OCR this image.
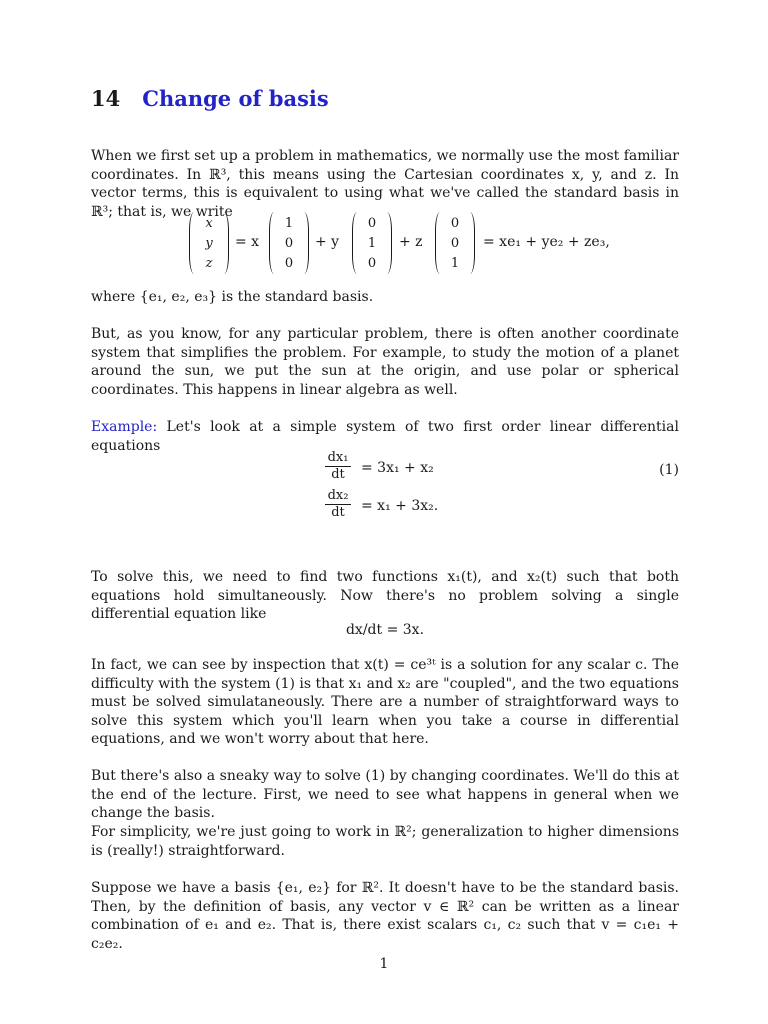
14 Change of basis

When we first set up a problem in mathematics, we normally use the most familiar coordinates. In ℝ³, this means using the Cartesian coordinates x, y, and z. In vector terms, this is equivalent to using what we've called the standard basis in ℝ³; that is, we write

x
y
z
= x
1
0
0
+ y
0
1
0
+ z
0
0
1
= xe₁ + ye₂ + ze₃,

where {e₁, e₂, e₃} is the standard basis.

But, as you know, for any particular problem, there is often another coordinate system that simplifies the problem. For example, to study the motion of a planet around the sun, we put the sun at the origin, and use polar or spherical coordinates. This happens in linear algebra as well.

Example: Let's look at a simple system of two first order linear differential equations

$\frac{\text{dx₁}}{dt} = 3x_1 + x_2$
$\frac{\text{dx₂}}{dt} = x_1 + 3x_2$.
(1)

To solve this, we need to find two functions x₁(t), and x₂(t) such that both equations hold simultaneously. Now there's no problem solving a single differential equation like

dx/dt = 3x.

In fact, we can see by inspection that x(t) = ce³ᵗ is a solution for any scalar c. The difficulty with the system (1) is that x₁ and x₂ are "coupled", and the two equations must be solved simulataneously. There are a number of straightforward ways to solve this system which you'll learn when you take a course in differential equations, and we won't worry about that here.

But there's also a sneaky way to solve (1) by changing coordinates. We'll do this at the end of the lecture. First, we need to see what happens in general when we change the basis.

For simplicity, we're just going to work in ℝ²; generalization to higher dimensions is (really!) straightforward.

Suppose we have a basis {e₁, e₂} for ℝ². It doesn't have to be the standard basis. Then, by the definition of basis, any vector v ∈ ℝ² can be written as a linear combination of e₁ and e₂. That is, there exist scalars c₁, c₂ such that v = c₁e₁ + c₂e₂.

1
